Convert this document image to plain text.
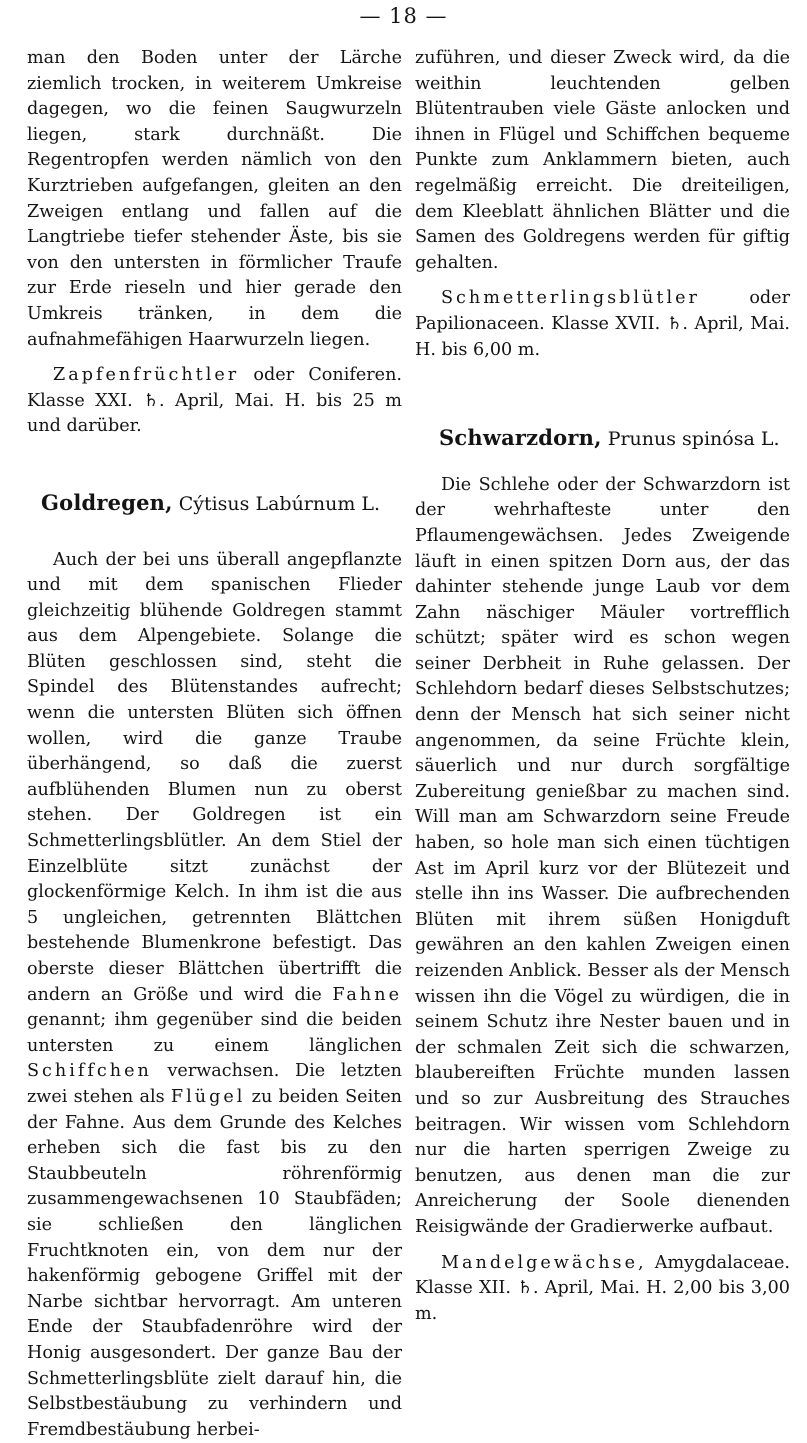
— 18 —

man den Boden unter der Lärche ziemlich trocken, in weiterem Umkreise dagegen, wo die feinen Saugwurzeln liegen, stark durchnäßt. Die Regentropfen werden nämlich von den Kurztrieben aufgefangen, gleiten an den Zweigen entlang und fallen auf die Langtriebe tiefer stehender Äste, bis sie von den untersten in förmlicher Traufe zur Erde rieseln und hier gerade den Umkreis tränken, in dem die aufnahmefähigen Haarwurzeln liegen.

Zapfenfrüchtler oder Coniferen. Klasse XXI. ♄. April, Mai. H. bis 25 m und darüber.

Goldregen, Cýtisus Labúrnum L.

Auch der bei uns überall angepflanzte und mit dem spanischen Flieder gleichzeitig blühende Goldregen stammt aus dem Alpengebiete. Solange die Blüten geschlossen sind, steht die Spindel des Blütenstandes aufrecht; wenn die untersten Blüten sich öffnen wollen, wird die ganze Traube überhängend, so daß die zuerst aufblühenden Blumen nun zu oberst stehen. Der Goldregen ist ein Schmetterlingsblütler. An dem Stiel der Einzelblüte sitzt zunächst der glockenförmige Kelch. In ihm ist die aus 5 ungleichen, getrennten Blättchen bestehende Blumenkrone befestigt. Das oberste dieser Blättchen übertrifft die andern an Größe und wird die Fahne genannt; ihm gegenüber sind die beiden untersten zu einem länglichen Schiffchen verwachsen. Die letzten zwei stehen als Flügel zu beiden Seiten der Fahne. Aus dem Grunde des Kelches erheben sich die fast bis zu den Staubbeuteln röhrenförmig zusammengewachsenen 10 Staubfäden; sie schließen den länglichen Fruchtknoten ein, von dem nur der hakenförmig gebogene Griffel mit der Narbe sichtbar hervorragt. Am unteren Ende der Staubfadenröhre wird der Honig ausgesondert. Der ganze Bau der Schmetterlingsblüte zielt darauf hin, die Selbstbestäubung zu verhindern und Fremdbestäubung herbei-

zuführen, und dieser Zweck wird, da die weithin leuchtenden gelben Blütentrauben viele Gäste anlocken und ihnen in Flügel und Schiffchen bequeme Punkte zum Anklammern bieten, auch regelmäßig erreicht. Die dreiteiligen, dem Kleeblatt ähnlichen Blätter und die Samen des Goldregens werden für giftig gehalten.

Schmetterlingsblütler	oder Papilionaceen. Klasse XVII. ♄. April, Mai. H. bis 6,00 m.

Schwarzdorn, Prunus spinósa L.

Die Schlehe oder der Schwarzdorn ist der wehrhafteste unter den Pflaumengewächsen. Jedes Zweigende läuft in einen spitzen Dorn aus, der das dahinter stehende junge Laub vor dem Zahn näschiger Mäuler vortrefflich schützt; später wird es schon wegen seiner Derbheit in Ruhe gelassen. Der Schlehdorn bedarf dieses Selbstschutzes; denn der Mensch hat sich seiner nicht angenommen, da seine Früchte klein, säuerlich und nur durch sorgfältige Zubereitung genießbar zu machen sind. Will man am Schwarzdorn seine Freude haben, so hole man sich einen tüchtigen Ast im April kurz vor der Blütezeit und stelle ihn ins Wasser. Die aufbrechenden Blüten mit ihrem süßen Honigduft gewähren an den kahlen Zweigen einen reizenden Anblick. Besser als der Mensch wissen ihn die Vögel zu würdigen, die in seinem Schutz ihre Nester bauen und in der schmalen Zeit sich die schwarzen, blaubereiften Früchte munden lassen und so zur Ausbreitung des Strauches beitragen. Wir wissen vom Schlehdorn nur die harten sperrigen Zweige zu benutzen, aus denen man die zur Anreicherung der Soole dienenden Reisigwände der Gradierwerke aufbaut.

Mandelgewächse, Amygdalaceae. Klasse XII. ♄. April, Mai. H. 2,00 bis 3,00 m.
